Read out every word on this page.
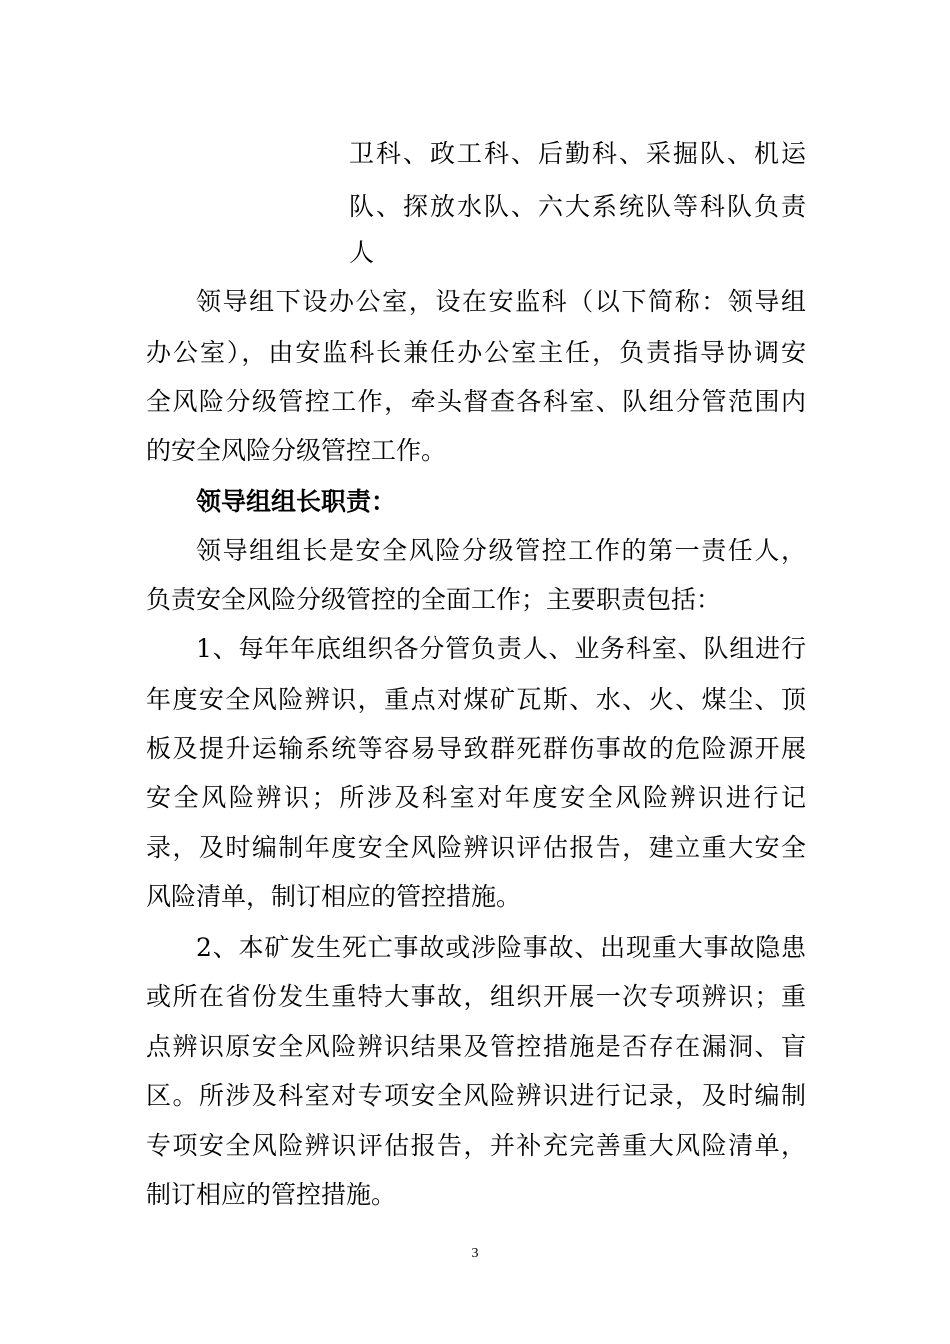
卫科、政工科、后勤科、采掘队、机运
队、探放水队、六大系统队等科队负责
人
领导组下设办公室，设在安监科（以下简称：领导组
办公室），由安监科长兼任办公室主任，负责指导协调安
全风险分级管控工作，牵头督查各科室、队组分管范围内
的安全风险分级管控工作。
领导组组长职责：
领导组组长是安全风险分级管控工作的第一责任人，
负责安全风险分级管控的全面工作；主要职责包括：
1、每年年底组织各分管负责人、业务科室、队组进行
年度安全风险辨识，重点对煤矿瓦斯、水、火、煤尘、顶
板及提升运输系统等容易导致群死群伤事故的危险源开展
安全风险辨识；所涉及科室对年度安全风险辨识进行记
录，及时编制年度安全风险辨识评估报告，建立重大安全
风险清单，制订相应的管控措施。
2、本矿发生死亡事故或涉险事故、出现重大事故隐患
或所在省份发生重特大事故，组织开展一次专项辨识；重
点辨识原安全风险辨识结果及管控措施是否存在漏洞、盲
区。所涉及科室对专项安全风险辨识进行记录，及时编制
专项安全风险辨识评估报告，并补充完善重大风险清单，
制订相应的管控措施。
3
